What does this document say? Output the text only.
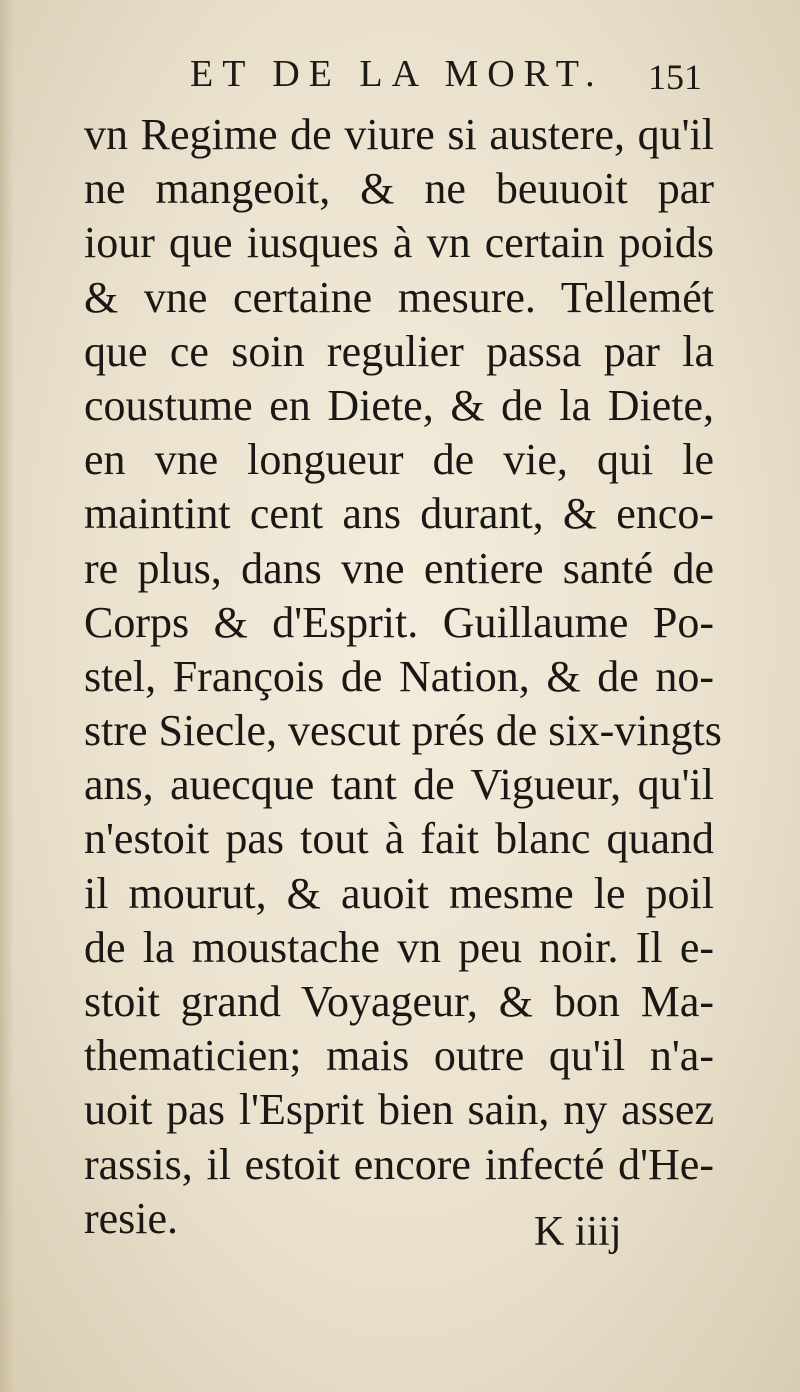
ET DE LA MORT. 151
vn Regime de viure si austere, qu'il
ne mangeoit, & ne beuuoit par
iour que iusques à vn certain poids
& vne certaine mesure. Tellemét
que ce soin regulier passa par la
coustume en Diete, & de la Diete,
en vne longueur de vie, qui le
maintint cent ans durant, & enco-
re plus, dans vne entiere santé de
Corps & d'Esprit. Guillaume Po-
stel, François de Nation, & de no-
stre Siecle, vescut prés de six-vingts
ans, auecque tant de Vigueur, qu'il
n'estoit pas tout à fait blanc quand
il mourut, & auoit mesme le poil
de la moustache vn peu noir. Il e-
stoit grand Voyageur, & bon Ma-
thematicien; mais outre qu'il n'a-
uoit pas l'Esprit bien sain, ny assez
rassis, il estoit encore infecté d'He-
resie.	K iiij
